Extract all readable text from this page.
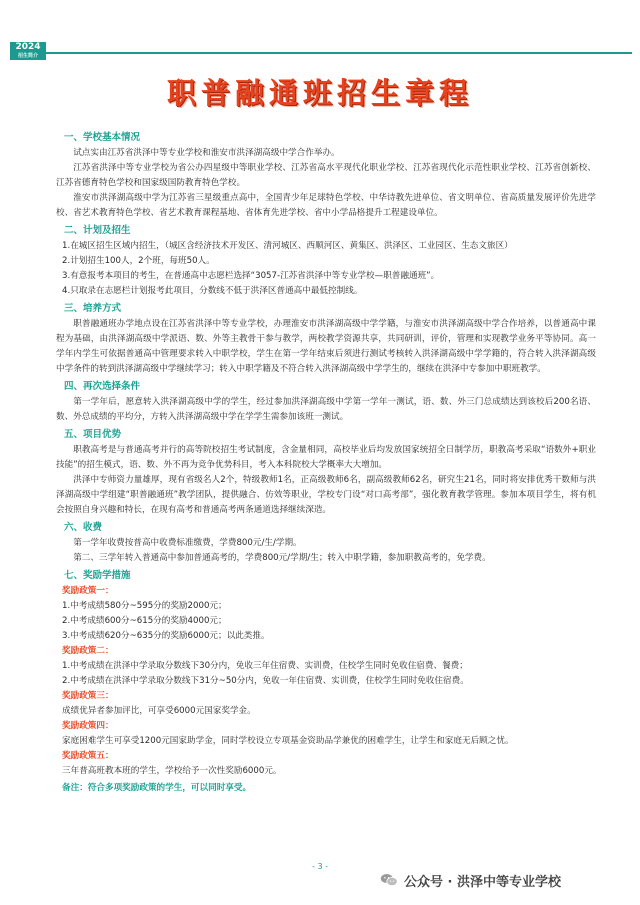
2024
招生简介
职普融通班招生章程
一、学校基本情况

试点实由江苏省洪泽中等专业学校和淮安市洪泽湖高级中学合作举办。

江苏省洪泽中等专业学校为省公办四星级中等职业学校、江苏省高水平现代化职业学校、江苏省现代化示范性职业学校、江苏省创新校、江苏省德育特色学校和国家级国防教育特色学校。

淮安市洪泽湖高级中学为江苏省三星级重点高中，全国青少年足球特色学校、中华诗教先进单位、省文明单位、省高质量发展评价先进学校、省艺术教育特色学校、省艺术教育课程基地、省体育先进学校、省中小学品格提升工程建设单位。

二、计划及招生
1.在城区招生区域内招生，（城区含经济技术开发区、清河城区、西顺河区、黄集区、洪泽区、工业园区、生态文旅区）
2.计划招生100人，2个班，每班50人。
3.有意报考本项目的考生，在普通高中志愿栏选择“3057-江苏省洪泽中等专业学校—职普融通班”。
4.只取录在志愿栏计划报考此项目，分数线不低于洪泽区普通高中最低控制线。
三、培养方式

职普融通班办学地点设在江苏省洪泽中等专业学校，办理淮安市洪泽湖高级中学学籍，与淮安市洪泽湖高级中学合作培养，以普通高中课程为基础，由洪泽湖高级中学派语、数、外等主教骨干参与教学，两校教学资源共享，共同研训，评价，管理和实现教学业务平等协同。高一学年内学生可依据普通高中管理要求转入中职学校，学生在第一学年结束后须进行测试考核转入洪泽湖高级中学学籍的，符合转入洪泽湖高级中学条件的转到洪泽湖高级中学继续学习；转入中职学籍及不符合转入洪泽湖高级中学学生的，继续在洪泽中专参加中职班教学。

四、再次选择条件

第一学年后，愿意转入洪泽湖高级中学的学生，经过参加洪泽湖高级中学第一学年一测试，语、数、外三门总成绩达到该校后200名语、数、外总成绩的平均分，方转入洪泽湖高级中学在学学生需参加该班一测试。

五、项目优势

职教高考是与普通高考并行的高等院校招生考试制度，含金量相同，高校毕业后均发放国家统招全日制学历，职教高考采取“语数外+职业技能”的招生模式，语、数、外不再为竞争优势科目，考入本科院校大学概率大大增加。

洪泽中专师资力量雄厚，现有省级名人2个，特级教师1名，正高级教师6名，副高级教师62名，研究生21名，同时将安排优秀干数师与洪泽湖高级中学组建“职普融通班”教学团队，提供融合、仿效等职业，学校专门设“对口高考部”，强化教育教学管理。参加本项目学生，将有机会按照自身兴趣和特长，在现有高考和普通高考两条通道选择继续深造。

六、收费

第一学年收费按普高中收费标准缴费，学费800元/生/学期。

第二、三学年转入普通高中参加普通高考的，学费800元/学期/生；转入中职学籍，参加职教高考的，免学费。

七、奖励学措施
奖励政策一：
1.中考成绩580分~595分的奖励2000元；
2.中考成绩600分~615分的奖励4000元；
3.中考成绩620分~635分的奖励6000元；以此类推。
奖励政策二：
1.中考成绩在洪泽中学录取分数线下30分内，免收三年住宿费、实训费，住校学生同时免收住宿费、餐费；
2.中考成绩在洪泽中学录取分数线下31分~50分内，免收一年住宿费、实训费，住校学生同时免收住宿费。
奖励政策三：
成绩优异者参加评比，可享受6000元国家奖学金。
奖励政策四：
家庭困难学生可享受1200元国家助学金，同时学校设立专项基金资助品学兼优的困难学生，让学生和家庭无后顾之忧。
奖励政策五：
三年普高班教本班的学生，学校给予一次性奖励6000元。
备注：符合多项奖励政策的学生，可以同时享受。
- 3 -
公众号 · 洪泽中等专业学校
